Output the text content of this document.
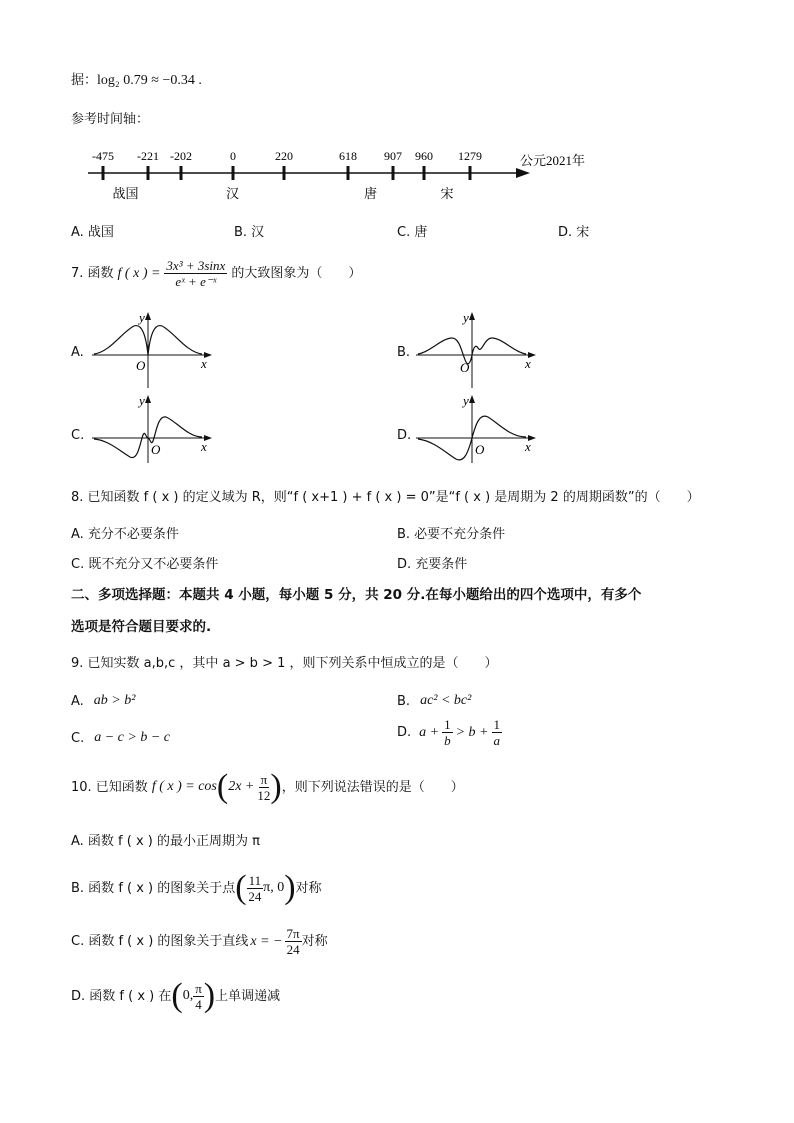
据：log₂ 0.79 ≈ −0.34 .
参考时间轴：
-475 -221 -202	0	220	618 907 960 1279	公元2021年
战国	汉	唐	宋
A. 战国	B. 汉	C. 唐	D. 宋
7. 函数 f ( x ) = $\frac{\text{3x³ + 3sinx}}{\text{eˣ + e⁻ˣ}}$ 的大致图象为（　　）
A.	B.
C.	D.
y
x
O
y
x
O
y
x
O
y
x
O
8. 已知函数 f ( x ) 的定义域为 R，则“f ( x+1 ) + f ( x ) = 0”是“f ( x ) 是周期为 2 的周期函数”的（　　）
A. 充分不必要条件	B. 必要不充分条件
C. 既不充分又不必要条件	D. 充要条件
二、多项选择题：本题共 4 小题，每小题 5 分，共 20 分.在每小题给出的四个选项中，有多个
选项是符合题目要求的.
9. 已知实数 a,b,c ，其中 a > b > 1 ，则下列关系中恒成立的是（　　）
A. ab > b²	B. ac² < bc²
C. a − c > b − c	D. $a + \frac{1}{b} > b + \frac{1}{a}$
10. 已知函数 f ( x ) = cos ( $2x + \frac{\pi}{12}$ ) ，则下列说法错误的是（　　）
A. 函数 f ( x ) 的最小正周期为 π
B. 函数 f ( x ) 的图象关于点 ( $\frac{11}{24} \pi$, 0 ) 对称
C. 函数 f ( x ) 的图象关于直线 x = − $\frac{7\pi}{24}$ 对称
D. 函数 f ( x ) 在 ( 0, $\frac{\pi}{4}$ ) 上单调递减
